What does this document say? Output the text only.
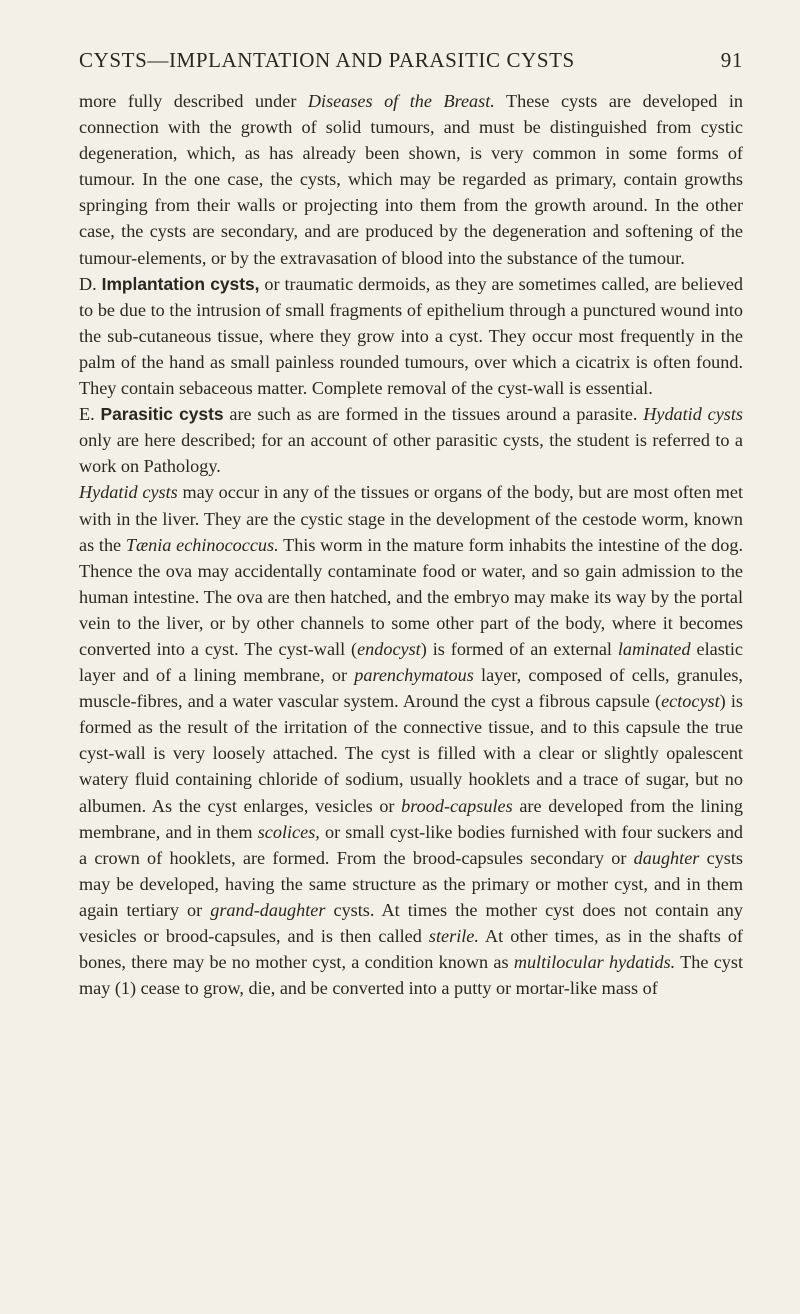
CYSTS—IMPLANTATION AND PARASITIC CYSTS	91

more fully described under Diseases of the Breast. These cysts are developed in connection with the growth of solid tumours, and must be distinguished from cystic degeneration, which, as has already been shown, is very common in some forms of tumour. In the one case, the cysts, which may be regarded as primary, contain growths springing from their walls or projecting into them from the growth around. In the other case, the cysts are secondary, and are produced by the degeneration and softening of the tumour-elements, or by the extravasation of blood into the substance of the tumour.

D. Implantation cysts, or traumatic dermoids, as they are sometimes called, are believed to be due to the intrusion of small fragments of epithelium through a punctured wound into the sub-cutaneous tissue, where they grow into a cyst. They occur most frequently in the palm of the hand as small painless rounded tumours, over which a cicatrix is often found. They contain sebaceous matter. Complete removal of the cyst-wall is essential.

E. Parasitic cysts are such as are formed in the tissues around a parasite. Hydatid cysts only are here described; for an account of other parasitic cysts, the student is referred to a work on Pathology.

Hydatid cysts may occur in any of the tissues or organs of the body, but are most often met with in the liver. They are the cystic stage in the development of the cestode worm, known as the Tænia echinococcus. This worm in the mature form inhabits the intestine of the dog. Thence the ova may accidentally contaminate food or water, and so gain admission to the human intestine. The ova are then hatched, and the embryo may make its way by the portal vein to the liver, or by other channels to some other part of the body, where it becomes converted into a cyst. The cyst-wall (endocyst) is formed of an external laminated elastic layer and of a lining membrane, or parenchymatous layer, composed of cells, granules, muscle-fibres, and a water vascular system. Around the cyst a fibrous capsule (ectocyst) is formed as the result of the irritation of the connective tissue, and to this capsule the true cyst-wall is very loosely attached. The cyst is filled with a clear or slightly opalescent watery fluid containing chloride of sodium, usually hooklets and a trace of sugar, but no albumen. As the cyst enlarges, vesicles or brood-capsules are developed from the lining membrane, and in them scolices, or small cyst-like bodies furnished with four suckers and a crown of hooklets, are formed. From the brood-capsules secondary or daughter cysts may be developed, having the same structure as the primary or mother cyst, and in them again tertiary or grand-daughter cysts. At times the mother cyst does not contain any vesicles or brood-capsules, and is then called sterile. At other times, as in the shafts of bones, there may be no mother cyst, a condition known as multilocular hydatids. The cyst may (1) cease to grow, die, and be converted into a putty or mortar-like mass of
